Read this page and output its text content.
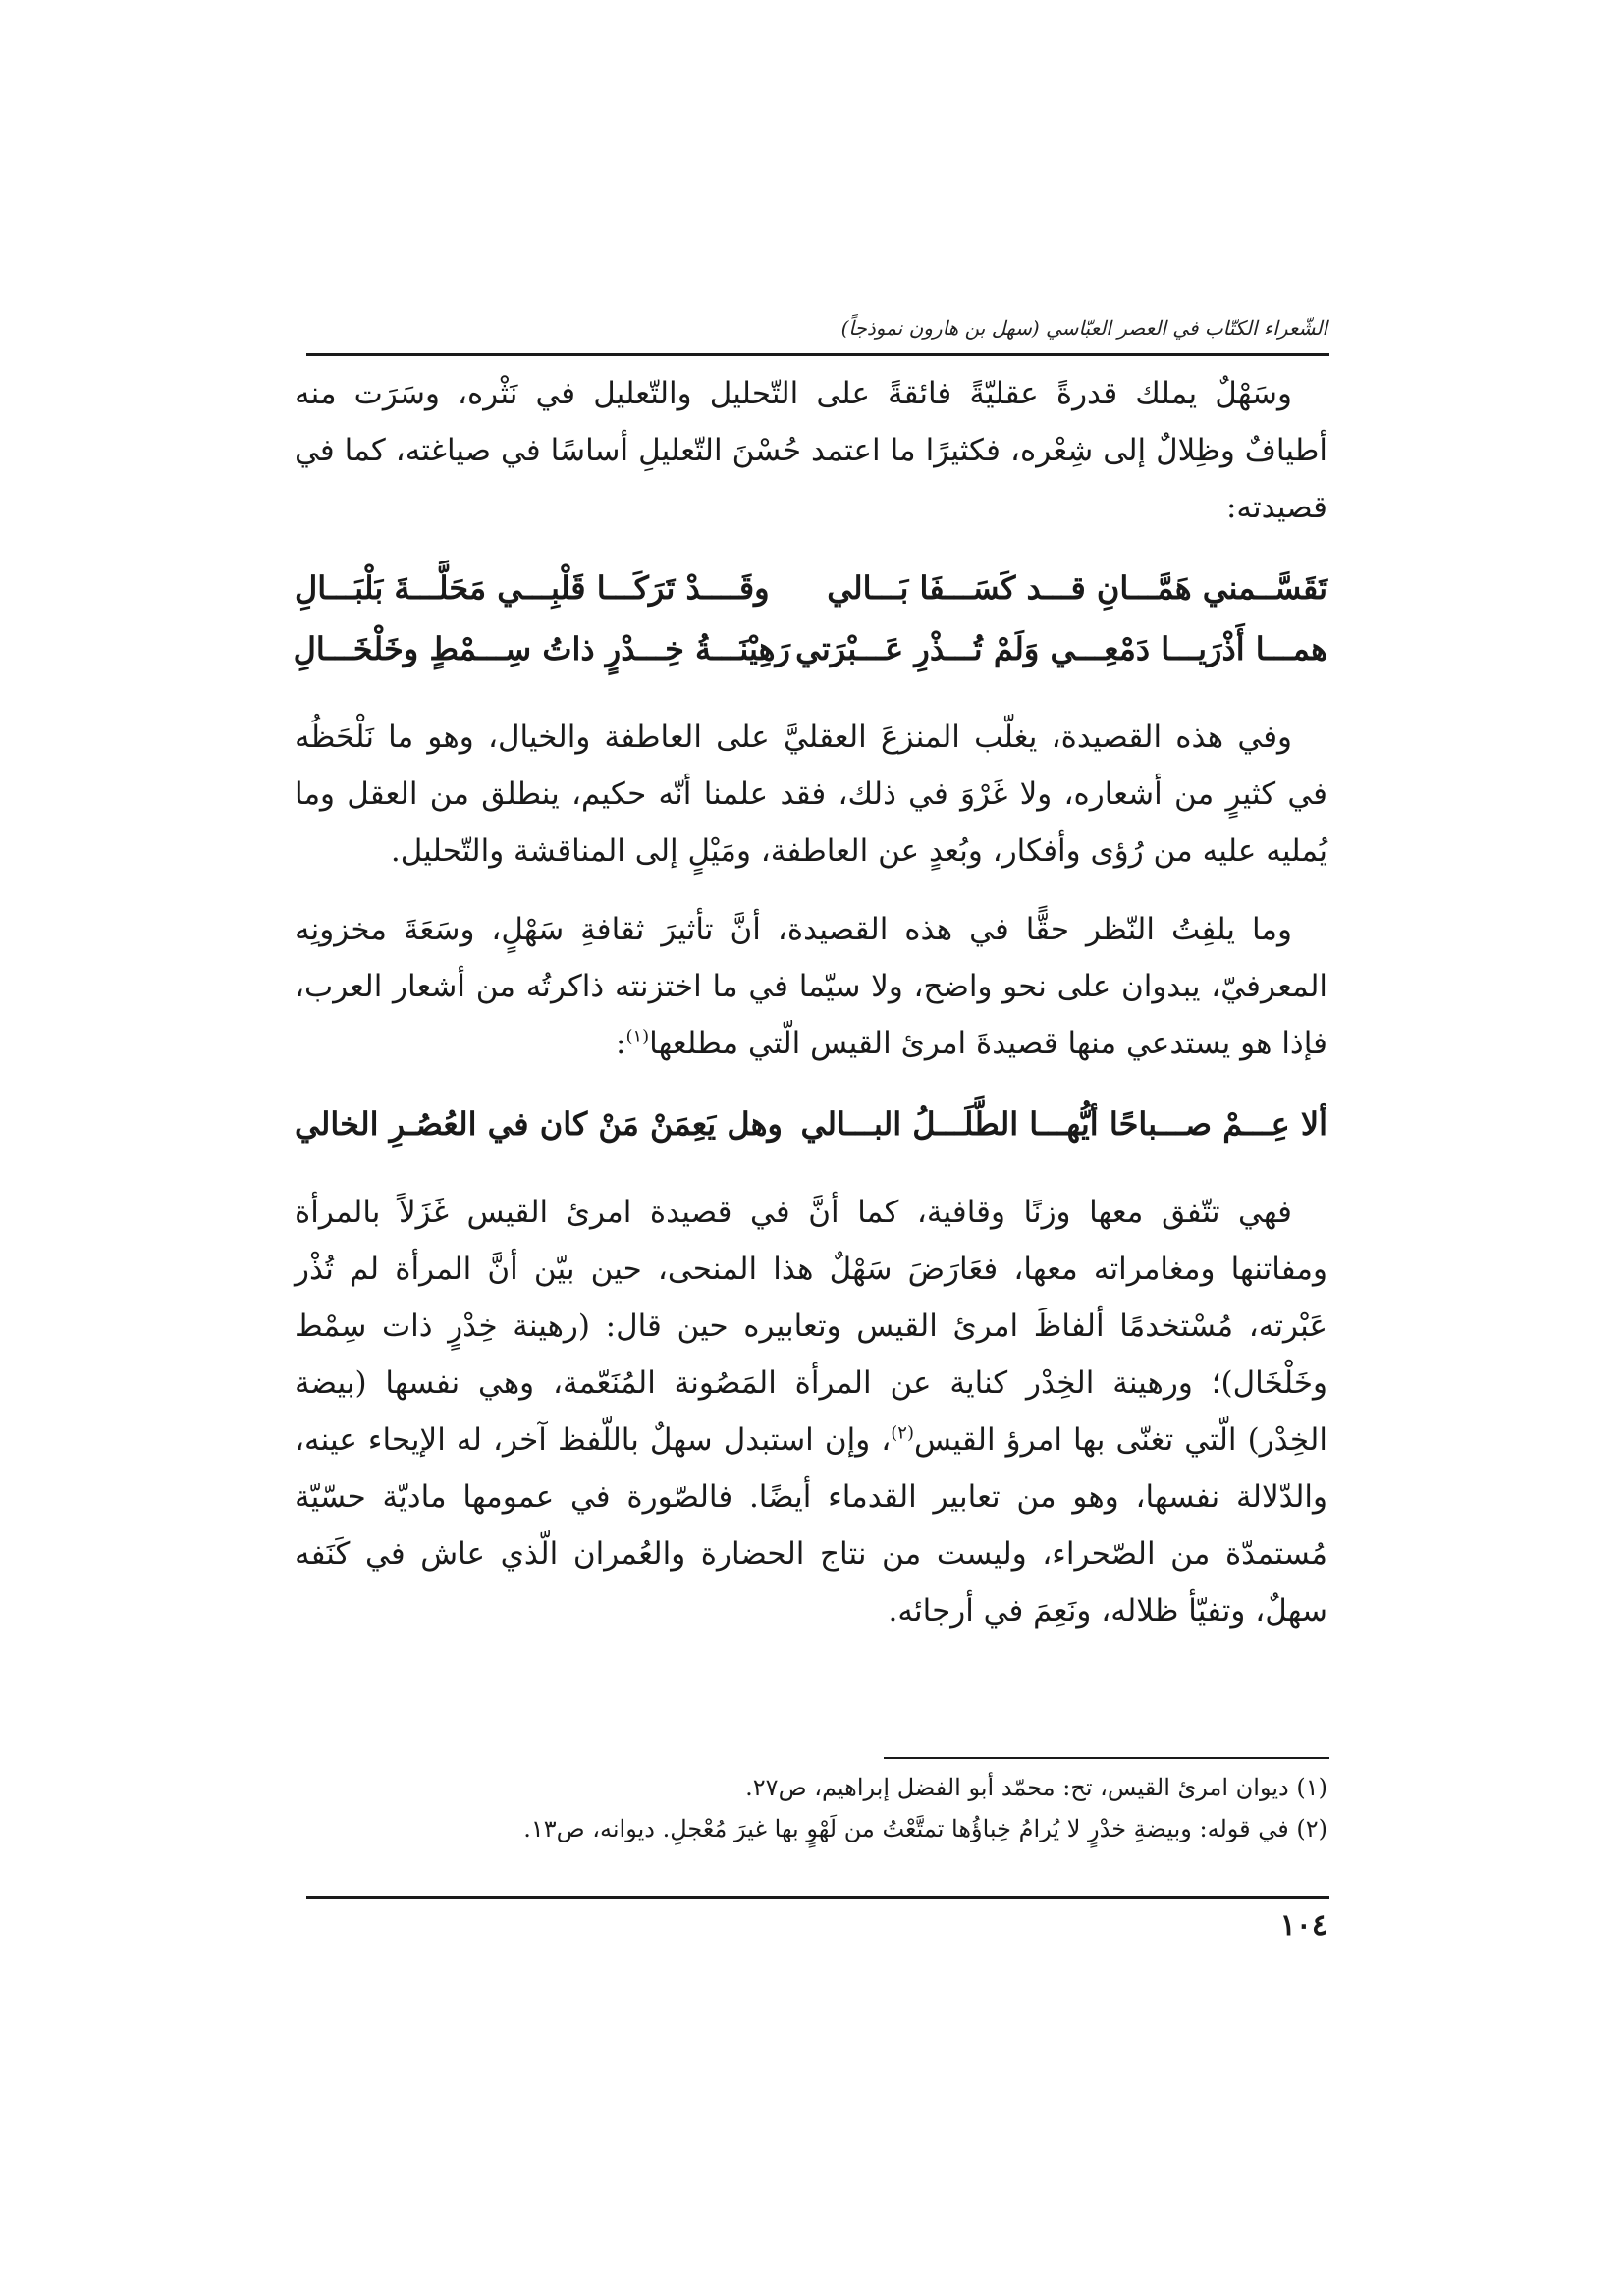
الشّعراء الكتّاب في العصر العبّاسي (سهل بن هارون نموذجاً)

وسَهْلٌ يملك قدرةً عقليّةً فائقةً على التّحليل والتّعليل في نَثْره، وسَرَت منه أطيافٌ وظِلالٌ إلى شِعْره، فكثيرًا ما اعتمد حُسْنَ التّعليلِ أساسًا في صياغته، كما في قصيدته:

تَقَسَّــمني هَمَّـــانِ قـــد كَسَـــفَا بَـــالي
وقَــــدْ تَرَكَـــا قَلْبِـــي مَحَلَّـــةَ بَلْبَـــالِ
همـــا أَذْرَيـــا دَمْعِـــي وَلَمْ تُـــذْرِ عَـــبْرَتي
رَهِيْنَـــةُ خِـــدْرٍ ذاتُ سِـــمْطٍ وخَلْخَـــالِ

وفي هذه القصيدة، يغلّب المنزعَ العقليَّ على العاطفة والخيال، وهو ما نَلْحَظُه في كثيرٍ من أشعاره، ولا غَرْوَ في ذلك، فقد علمنا أنّه حكيم، ينطلق من العقل وما يُمليه عليه من رُؤى وأفكار، وبُعدٍ عن العاطفة، ومَيْلٍ إلى المناقشة والتّحليل.

وما يلفِتُ النّظر حقًّا في هذه القصيدة، أنَّ تأثيرَ ثقافةِ سَهْلٍ، وسَعَةَ مخزونِه المعرفيّ، يبدوان على نحو واضح، ولا سيّما في ما اختزنته ذاكرتُه من أشعار العرب، فإذا هو يستدعي منها قصيدةَ امرئ القيس الّتي مطلعها$^{(١)}$:

ألا عِـــمْ صـــباحًا أيُّهـــا الطَّلَـــلُ البـــالي
وهل يَعِمَنْ مَنْ كان في العُصُـرِ الخالي

فهي تتّفق معها وزنًا وقافية، كما أنَّ في قصيدة امرئ القيس غَزَلاً بالمرأة ومفاتنها ومغامراته معها، فعَارَضَ سَهْلٌ هذا المنحى، حين بيّن أنَّ المرأة لم تُذْر عَبْرته، مُسْتخدمًا ألفاظَ امرئ القيس وتعابيره حين قال: (رهينة خِدْرٍ ذات سِمْط وخَلْخَال)؛ ورهينة الخِدْر كناية عن المرأة المَصُونة المُنَعّمة، وهي نفسها (بيضة الخِدْر) الّتي تغنّى بها امرؤ القيس$^{(٢)}$، وإن استبدل سهلٌ باللّفظ آخر، له الإيحاء عينه، والدّلالة نفسها، وهو من تعابير القدماء أيضًا. فالصّورة في عمومها ماديّة حسّيّة مُستمدّة من الصّحراء، وليست من نتاج الحضارة والعُمران الّذي عاش في كَنَفه سهلٌ، وتفيّأ ظلاله، ونَعِمَ في أرجائه.

(١) ديوان امرئ القيس، تح: محمّد أبو الفضل إبراهيم، ص٢٧.

(٢) في قوله: وبيضةِ خدْرٍ لا يُرامُ خِباؤُها تمتَّعْتُ من لَهْوٍ بها غيرَ مُعْجلِ. ديوانه، ص١٣.

١٠٤
